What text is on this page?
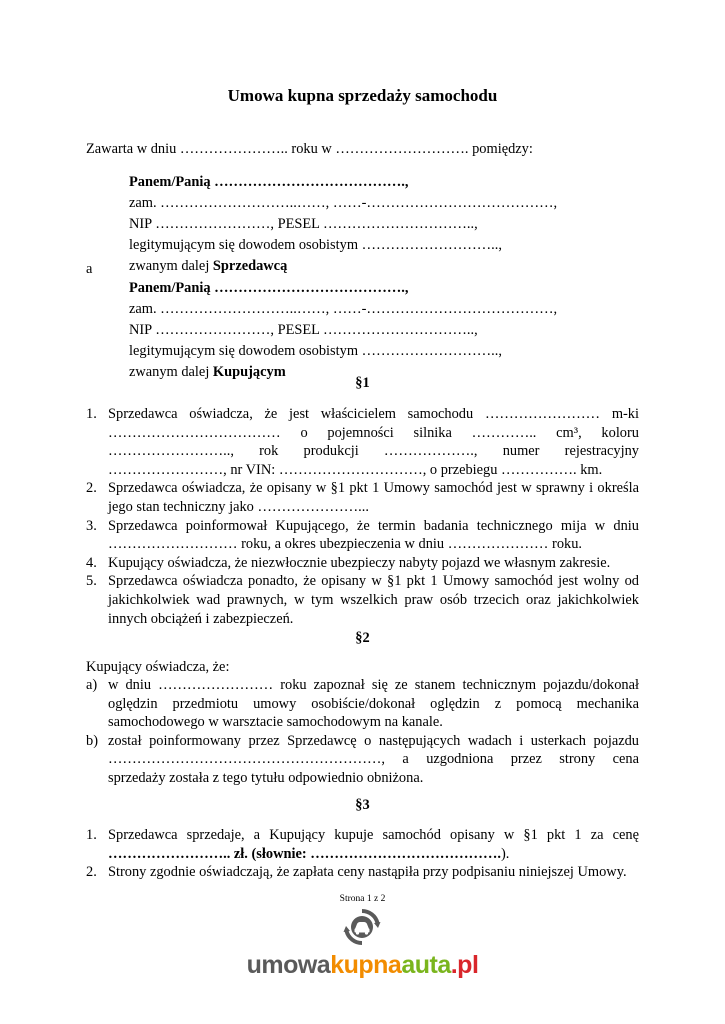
Umowa kupna sprzedaży samochodu
Zawarta w dniu ………………….. roku w ………………………. pomiędzy:
Panem/Panią ………………………………….,
zam. ………………………..……, ……-…………………………………,
NIP ……………………, PESEL …………………………..,
legitymującym się dowodem osobistym ………………………..,
zwanym dalej Sprzedawcą
a
Panem/Panią ………………………………….,
zam. ………………………..……, ……-…………………………………,
NIP ……………………, PESEL …………………………..,
legitymującym się dowodem osobistym ………………………..,
zwanym dalej Kupującym
§1
1. Sprzedawca oświadcza, że jest właścicielem samochodu …………………… m-ki
……………………………… o pojemności silnika ………….. cm³, koloru
…………………….., rok produkcji ………………., numer rejestracyjny
……………………, nr VIN: …………………………, o przebiegu ……………. km.
2. Sprzedawca oświadcza, że opisany w §1 pkt 1 Umowy samochód jest w sprawny i określa
jego stan techniczny jako …………………...
3. Sprzedawca poinformował Kupującego, że termin badania technicznego mija w dniu
……………………… roku, a okres ubezpieczenia w dniu ………………… roku.
4. Kupujący oświadcza, że niezwłocznie ubezpieczy nabyty pojazd we własnym zakresie.
5. Sprzedawca oświadcza ponadto, że opisany w §1 pkt 1 Umowy samochód jest wolny od
jakichkolwiek wad prawnych, w tym wszelkich praw osób trzecich oraz jakichkolwiek
innych obciążeń i zabezpieczeń.
§2
Kupujący oświadcza, że:
a) w dniu …………………… roku zapoznał się ze stanem technicznym pojazdu/dokonał
oględzin przedmiotu umowy osobiście/dokonał oględzin z pomocą mechanika
samochodowego w warsztacie samochodowym na kanale.
b) został poinformowany przez Sprzedawcę o następujących wadach i usterkach pojazdu
…………………………………………………, a uzgodniona przez strony cena
sprzedaży została z tego tytułu odpowiednio obniżona.
§3
1. Sprzedawca sprzedaje, a Kupujący kupuje samochód opisany w §1 pkt 1 za cenę
…………………….. zł. (słownie: ………………………………….).
2. Strony zgodnie oświadczają, że zapłata ceny nastąpiła przy podpisaniu niniejszej Umowy.
Strona 1 z 2
umowakupnaauta.pl
